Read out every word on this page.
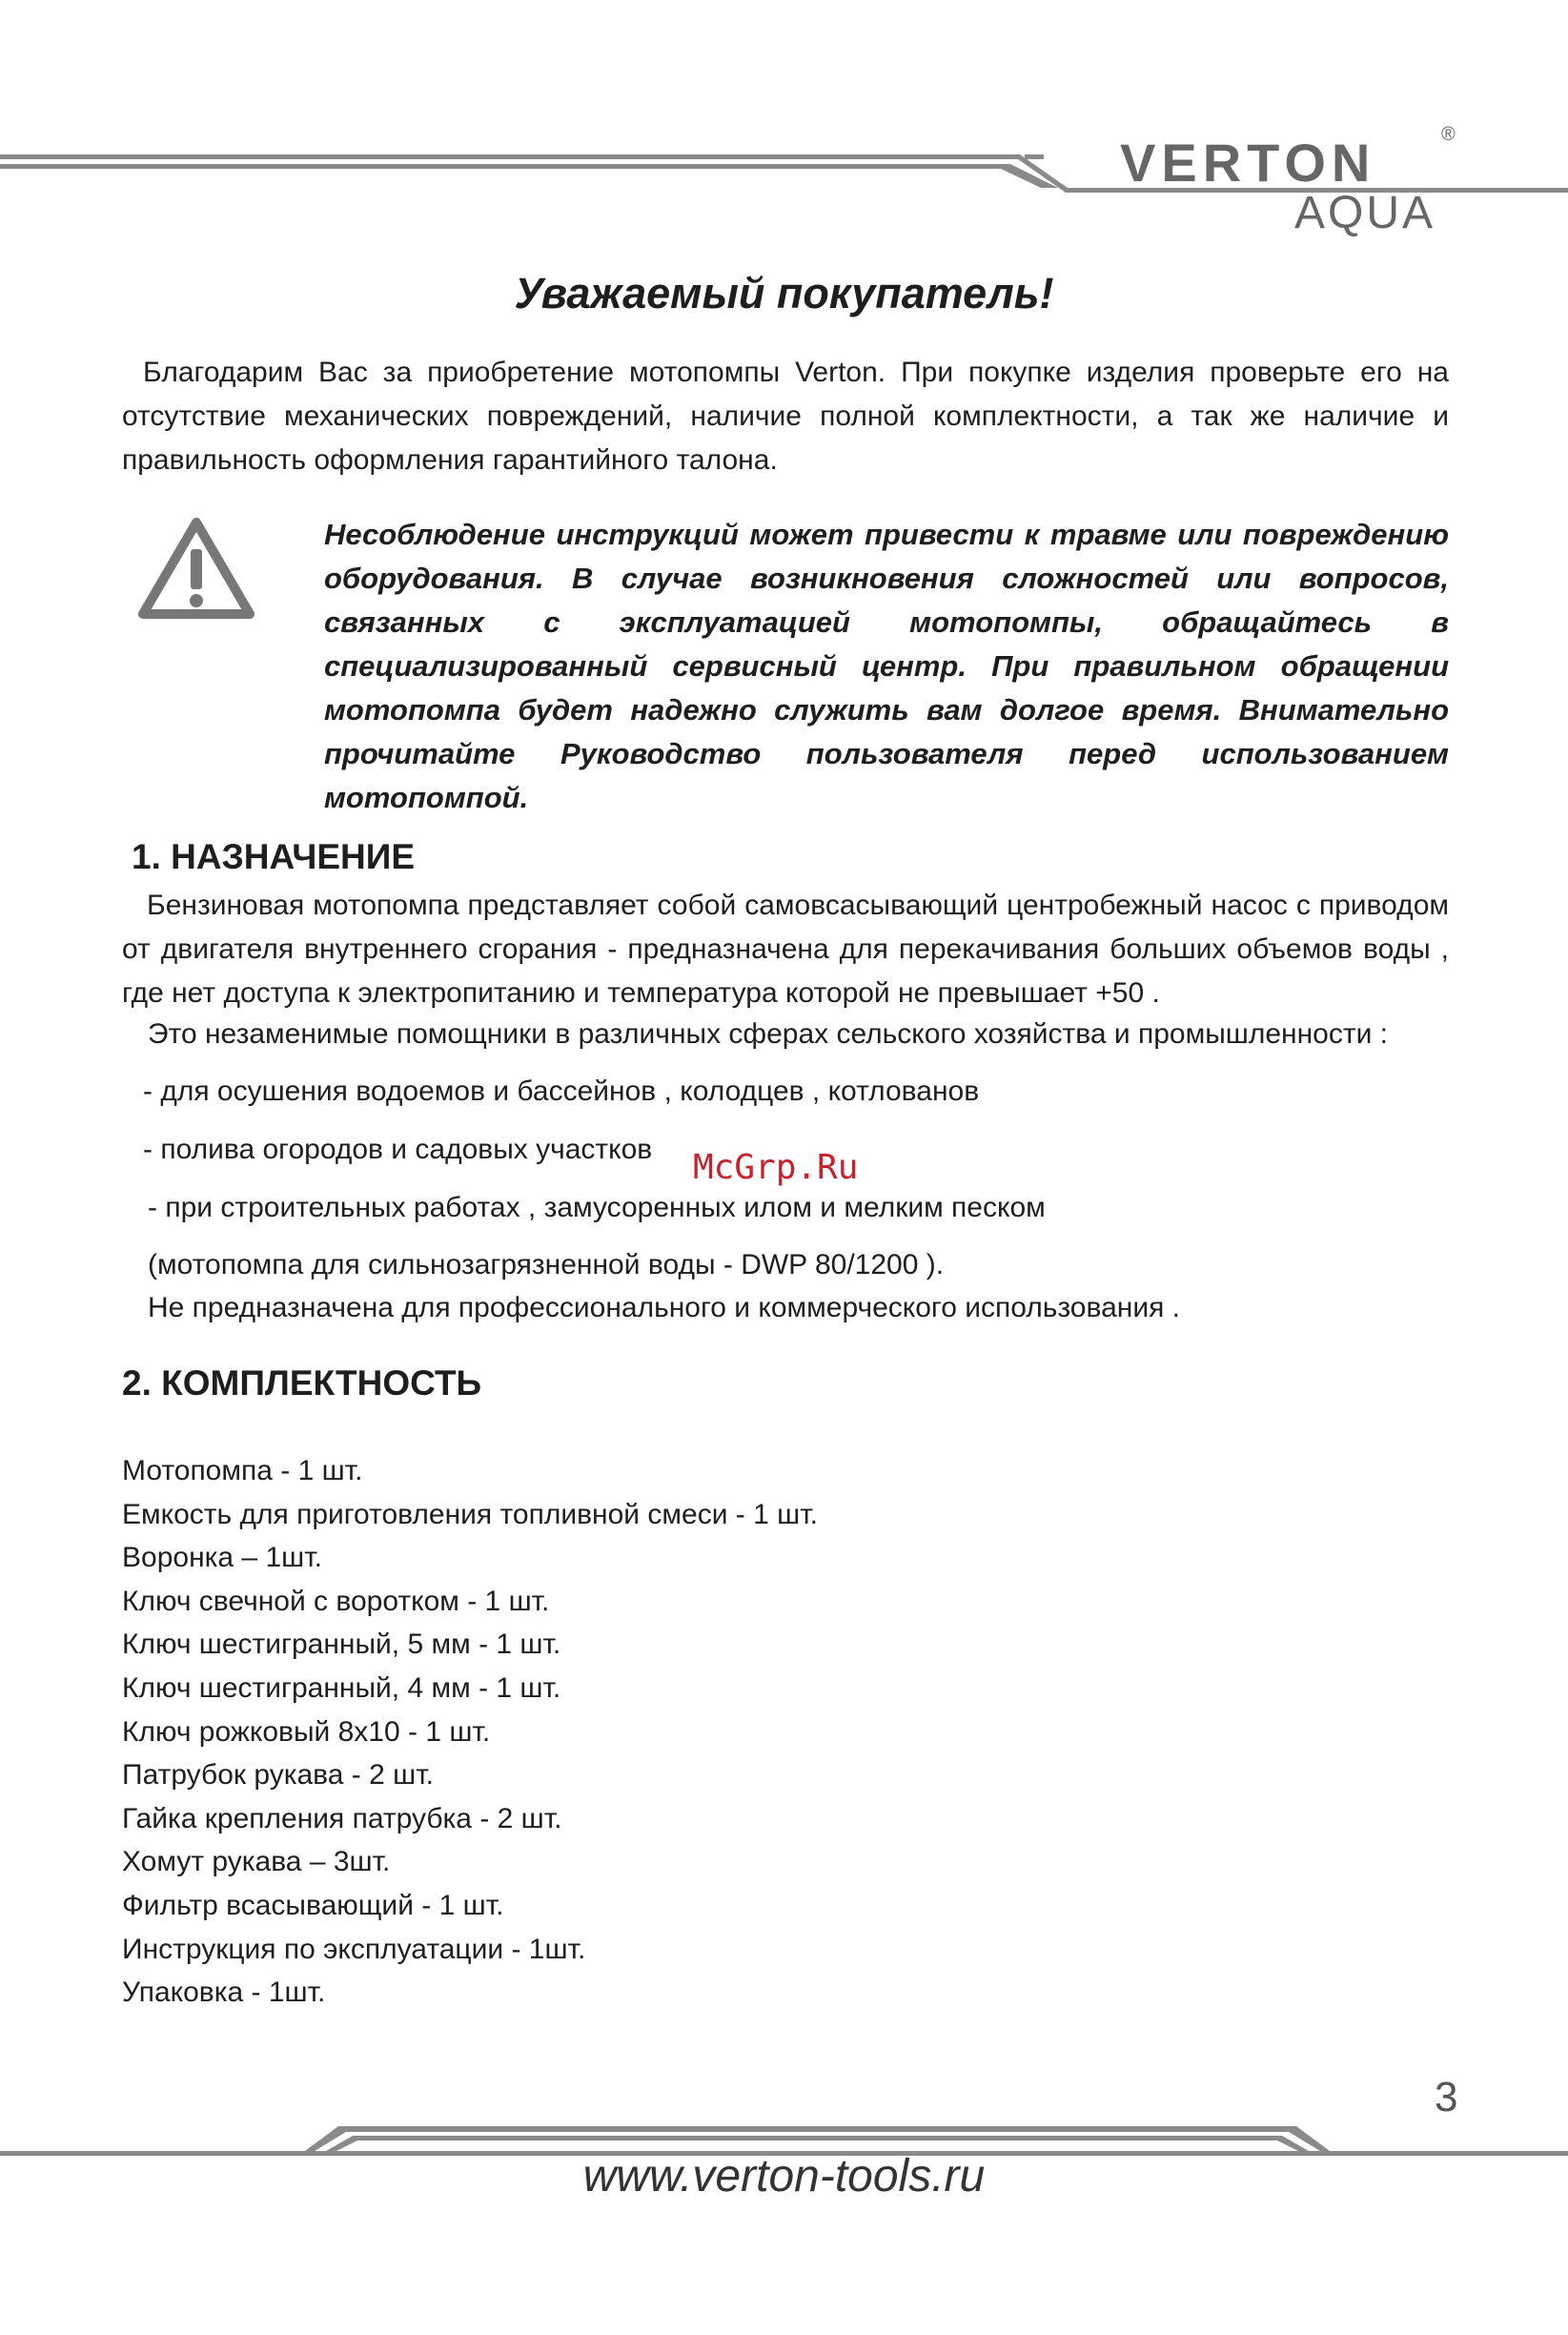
VERTON	®
AQUA
Уважаемый покупатель!

Благодарим Вас за приобретение мотопомпы Verton. При покупке изделия проверьте его на отсутствие механических повреждений, наличие полной комплектности, а так же наличие и правильность оформления гарантийного талона.

Несоблюдение инструкций может привести к травме или повреждению оборудования. В случае возникновения сложностей или вопросов, связанных с эксплуатацией мотопомпы, обращайтесь в специализированный сервисный центр. При правильном обращении мотопомпа будет надежно служить вам долгое время. Внимательно прочитайте Руководство пользователя перед использованием мотопомпой.

1. НАЗНАЧЕНИЕ

Бензиновая мотопомпа представляет собой самовсасывающий центробежный насос с приводом от двигателя внутреннего сгорания - предназначена для перекачивания больших объемов воды , где нет доступа к электропитанию и температура которой не превышает +50 .

Это незаменимые помощники в различных сферах сельского хозяйства и промышленности :

- для осушения водоемов и бассейнов , колодцев , котлованов

- полива огородов и садовых участков

- при строительных работах , замусоренных илом и мелким песком

(мотопомпа для сильнозагрязненной воды - DWP 80/1200 ).

Не предназначена для профессионального и коммерческого использования .

McGrp.Ru
2. КОМПЛЕКТНОСТЬ
Мотопомпа - 1 шт.
Емкость для приготовления топливной смеси - 1 шт.
Воронка – 1шт.
Ключ свечной с воротком - 1 шт.
Ключ шестигранный, 5 мм - 1 шт.
Ключ шестигранный, 4 мм - 1 шт.
Ключ рожковый 8х10 - 1 шт.
Патрубок рукава - 2 шт.
Гайка крепления патрубка - 2 шт.
Хомут рукава – 3шт.
Фильтр всасывающий - 1 шт.
Инструкция по эксплуатации - 1шт.
Упаковка - 1шт.
3
www.verton-tools.ru
